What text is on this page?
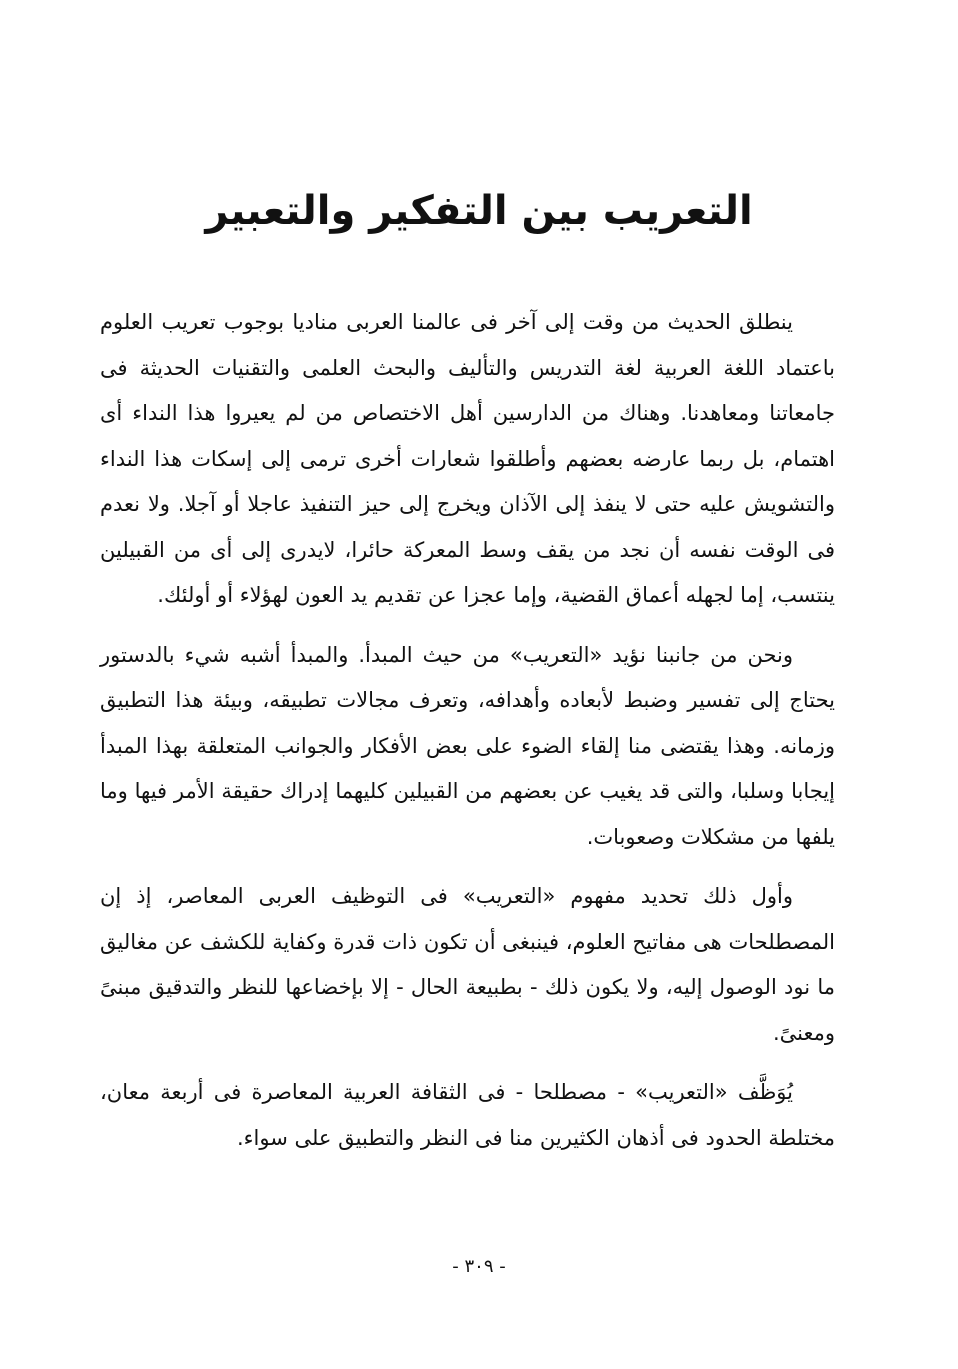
التعريب بين التفكير والتعبير

ينطلق الحديث من وقت إلى آخر فى عالمنا العربى مناديا بوجوب تعريب العلوم باعتماد اللغة العربية لغة التدريس والتأليف والبحث العلمى والتقنيات الحديثة فى جامعاتنا ومعاهدنا. وهناك من الدارسين أهل الاختصاص من لم يعيروا هذا النداء أى اهتمام، بل ربما عارضه بعضهم وأطلقوا شعارات أخرى ترمى إلى إسكات هذا النداء والتشويش عليه حتى لا ينفذ إلى الآذان ويخرج إلى حيز التنفيذ عاجلا أو آجلا. ولا نعدم فى الوقت نفسه أن نجد من يقف وسط المعركة حائرا، لايدرى إلى أى من القبيلين ينتسب، إما لجهله أعماق القضية، وإما عجزا عن تقديم يد العون لهؤلاء أو أولئك.

ونحن من جانبنا نؤيد «التعريب» من حيث المبدأ. والمبدأ أشبه شيء بالدستور يحتاج إلى تفسير وضبط لأبعاده وأهدافه، وتعرف مجالات تطبيقه، وبيئة هذا التطبيق وزمانه. وهذا يقتضى منا إلقاء الضوء على بعض الأفكار والجوانب المتعلقة بهذا المبدأ إيجابا وسلبا، والتى قد يغيب عن بعضهم من القبيلين كليهما إدراك حقيقة الأمر فيها وما يلفها من مشكلات وصعوبات.

وأول ذلك تحديد مفهوم «التعريب» فى التوظيف العربى المعاصر، إذ إن المصطلحات هى مفاتيح العلوم، فينبغى أن تكون ذات قدرة وكفاية للكشف عن مغاليق ما نود الوصول إليه، ولا يكون ذلك - بطبيعة الحال - إلا بإخضاعها للنظر والتدقيق مبنىً ومعنىً.

يُوَظَّف «التعريب» - مصطلحا - فى الثقافة العربية المعاصرة فى أربعة معان، مختلطة الحدود فى أذهان الكثيرين منا فى النظر والتطبيق على سواء.

- ٣٠٩ -
